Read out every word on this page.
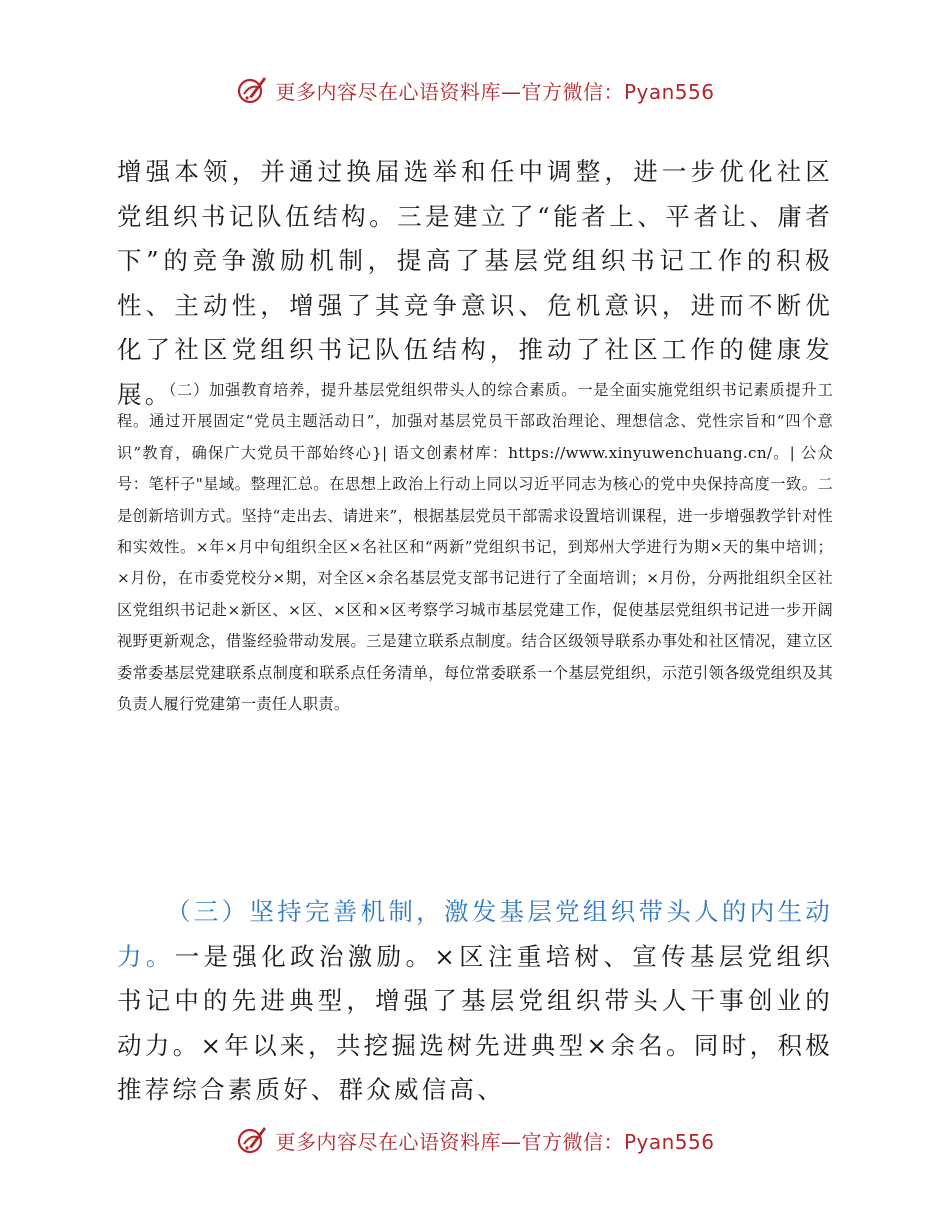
更多内容尽在心语资料库—官方微信：Pyan556

增强本领，并通过换届选举和任中调整，进一步优化社区党组织书记队伍结构。三是建立了“能者上、平者让、庸者下”的竞争激励机制，提高了基层党组织书记工作的积极性、主动性，增强了其竞争意识、危机意识，进而不断优化了社区党组织书记队伍结构，推动了社区工作的健康发展。

（二）加强教育培养，提升基层党组织带头人的综合素质。一是全面实施党组织书记素质提升工程。通过开展固定“党员主题活动日”，加强对基层党员干部政治理论、理想信念、党性宗旨和“四个意识”教育，确保广大党员干部始终心}| 语文创素材库：https://www.xinyuwenchuang.cn/。| 公众号：笔杆子"星域。整理汇总。在思想上政治上行动上同以习近平同志为核心的党中央保持高度一致。二是创新培训方式。坚持“走出去、请进来”，根据基层党员干部需求设置培训课程，进一步增强教学针对性和实效性。×年×月中旬组织全区×名社区和“两新”党组织书记，到郑州大学进行为期×天的集中培训；×月份，在市委党校分×期，对全区×余名基层党支部书记进行了全面培训；×月份，分两批组织全区社区党组织书记赴×新区、×区、×区和×区考察学习城市基层党建工作，促使基层党组织书记进一步开阔视野更新观念，借鉴经验带动发展。三是建立联系点制度。结合区级领导联系办事处和社区情况，建立区委常委基层党建联系点制度和联系点任务清单，每位常委联系一个基层党组织，示范引领各级党组织及其负责人履行党建第一责任人职责。

（三）坚持完善机制，激发基层党组织带头人的内生动力。一是强化政治激励。×区注重培树、宣传基层党组织书记中的先进典型，增强了基层党组织带头人干事创业的动力。×年以来，共挖掘选树先进典型×余名。同时，积极推荐综合素质好、群众威信高、

更多内容尽在心语资料库—官方微信：Pyan556
